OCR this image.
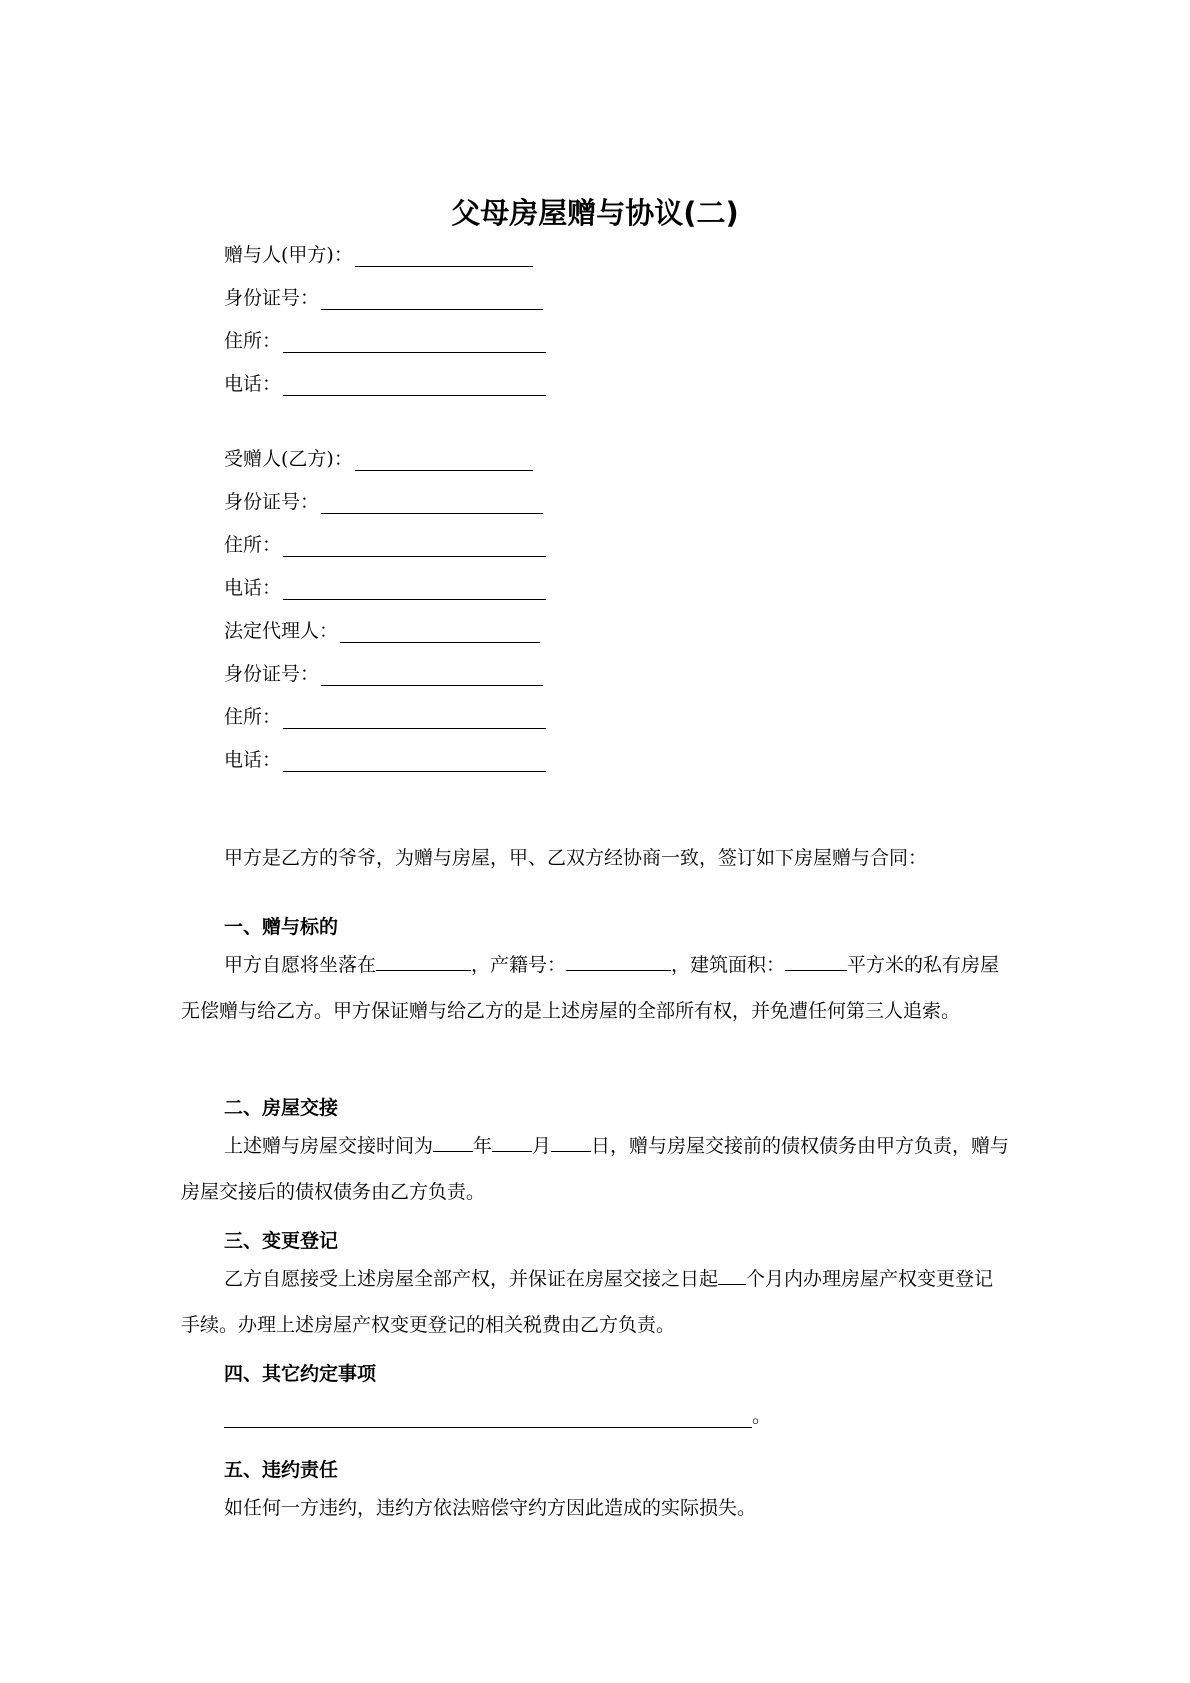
父母房屋赠与协议(二)
赠与人(甲方)：
身份证号：
住所：
电话：
受赠人(乙方)：
身份证号：
住所：
电话：
法定代理人：
身份证号：
住所：
电话：
甲方是乙方的爷爷，为赠与房屋，甲、乙双方经协商一致，签订如下房屋赠与合同：
一、赠与标的
甲方自愿将坐落在	，产籍号：	，建筑面积：	平方米的私有房屋无偿赠与给乙方。甲方保证赠与给乙方的是上述房屋的全部所有权，并免遭任何第三人追索。
二、房屋交接
上述赠与房屋交接时间为 年 月 日，赠与房屋交接前的债权债务由甲方负责，赠与房屋交接后的债权债务由乙方负责。
三、变更登记
乙方自愿接受上述房屋全部产权，并保证在房屋交接之日起 个月内办理房屋产权变更登记手续。办理上述房屋产权变更登记的相关税费由乙方负责。
四、其它约定事项
。
五、违约责任
如任何一方违约，违约方依法赔偿守约方因此造成的实际损失。
